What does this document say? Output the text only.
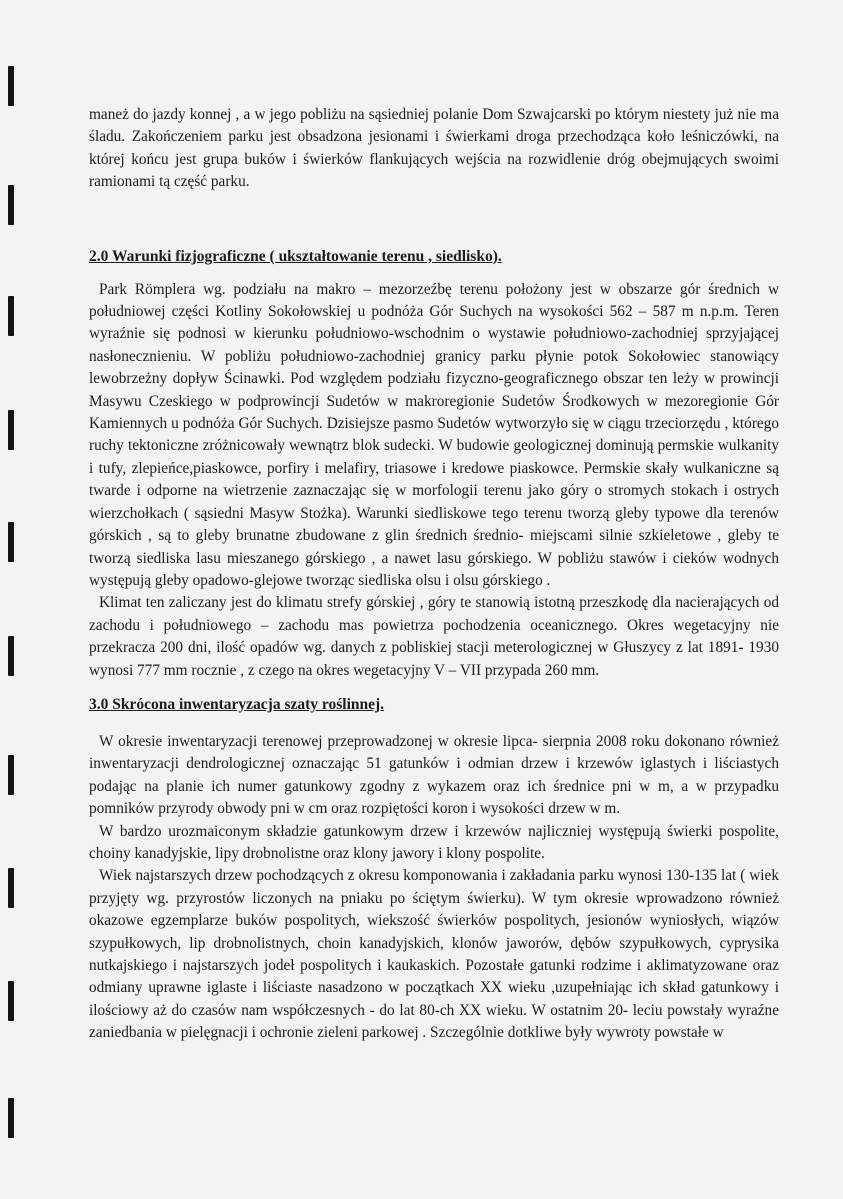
maneż do jazdy konnej , a w jego pobliżu na sąsiedniej polanie Dom Szwajcarski po którym niestety już nie ma śladu. Zakończeniem parku jest obsadzona jesionami i świerkami droga przechodząca koło leśniczówki, na której końcu jest grupa buków i świerków flankujących wejścia na rozwidlenie dróg obejmujących swoimi ramionami tą część parku.

2.0 Warunki fizjograficzne ( ukształtowanie terenu , siedlisko).

Park Römplera wg. podziału na makro – mezorzeźbę terenu położony jest w obszarze gór średnich w południowej części Kotliny Sokołowskiej u podnóża Gór Suchych na wysokości 562 – 587 m n.p.m. Teren wyraźnie się podnosi w kierunku południowo-wschodnim o wystawie południowo-zachodniej sprzyjającej nasłonecznieniu. W pobliżu południowo-zachodniej granicy parku płynie potok Sokołowiec stanowiący lewobrzeżny dopływ Ścinawki. Pod względem podziału fizyczno-geograficznego obszar ten leży w prowincji Masywu Czeskiego w podprowincji Sudetów w makroregionie Sudetów Środkowych w mezoregionie Gór Kamiennych u podnóża Gór Suchych. Dzisiejsze pasmo Sudetów wytworzyło się w ciągu trzeciorzędu , którego ruchy tektoniczne zróżnicowały wewnątrz blok sudecki. W budowie geologicznej dominują permskie wulkanity i tufy, zlepieńce,piaskowce, porfiry i melafiry, triasowe i kredowe piaskowce. Permskie skały wulkaniczne są twarde i odporne na wietrzenie zaznaczając się w morfologii terenu jako góry o stromych stokach i ostrych wierzchołkach ( sąsiedni Masyw Stożka). Warunki siedliskowe tego terenu tworzą gleby typowe dla terenów górskich , są to gleby brunatne zbudowane z glin średnich średnio- miejscami silnie szkieletowe , gleby te tworzą siedliska lasu mieszanego górskiego , a nawet lasu górskiego. W pobliżu stawów i cieków wodnych występują gleby opadowo-glejowe tworząc siedliska olsu i olsu górskiego .

Klimat ten zaliczany jest do klimatu strefy górskiej , góry te stanowią istotną przeszkodę dla nacierających od zachodu i południowego – zachodu mas powietrza pochodzenia oceanicznego. Okres wegetacyjny nie przekracza 200 dni, ilość opadów wg. danych z pobliskiej stacji meterologicznej w Głuszycy z lat 1891- 1930 wynosi 777 mm rocznie , z czego na okres wegetacyjny V – VII przypada 260 mm.

3.0 Skrócona inwentaryzacja szaty roślinnej.

W okresie inwentaryzacji terenowej przeprowadzonej w okresie lipca- sierpnia 2008 roku dokonano również inwentaryzacji dendrologicznej oznaczając 51 gatunków i odmian drzew i krzewów iglastych i liściastych podając na planie ich numer gatunkowy zgodny z wykazem oraz ich średnice pni w m, a w przypadku pomników przyrody obwody pni w cm oraz rozpiętości koron i wysokości drzew w m.

W bardzo urozmaiconym składzie gatunkowym drzew i krzewów najliczniej występują świerki pospolite, choiny kanadyjskie, lipy drobnolistne oraz klony jawory i klony pospolite.

Wiek najstarszych drzew pochodzących z okresu komponowania i zakładania parku wynosi 130-135 lat ( wiek przyjęty wg. przyrostów liczonych na pniaku po ściętym świerku). W tym okresie wprowadzono również okazowe egzemplarze buków pospolitych, wiekszość świerków pospolitych, jesionów wyniosłych, wiązów szypułkowych, lip drobnolistnych, choin kanadyjskich, klonów jaworów, dębów szypułkowych, cyprysika nutkajskiego i najstarszych jodeł pospolitych i kaukaskich. Pozostałe gatunki rodzime i aklimatyzowane oraz odmiany uprawne iglaste i liściaste nasadzono w początkach XX wieku ,uzupełniając ich skład gatunkowy i ilościowy aż do czasów nam współczesnych - do lat 80-ch XX wieku. W ostatnim 20- leciu powstały wyraźne zaniedbania w pielęgnacji i ochronie zieleni parkowej . Szczególnie dotkliwe były wywroty powstałe w
